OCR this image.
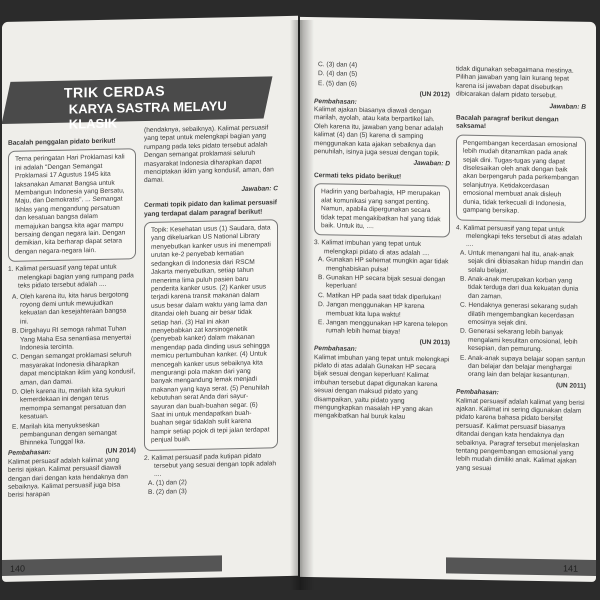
TRIK CERDAS
KARYA SASTRA MELAYU KLASIK

Bacalah penggalan pidato berikut!

Terna peringatan Hari Proklamasi kali ini adalah "Dengan Semangat Proklamasi 17 Agustus 1945 kita laksanakan Amanat Bangsa untuk Membangun Indonesia yang Bersatu, Maju, dan Demokratis". ... Semangat Ikhlas yang mengandung persatuan dan kesatuan bangsa dalam memajukan bangsa kita agar mampu bersaing dengan negara lain. Dengan demikian, kita berharap dapat setara dengan negara-negara lain.

1. Kalimat persuasif yang tepat untuk melengkapi bagian yang rumpang pada teks pidato tersebut adalah ....

A. Oleh karena itu, kita harus bergotong royong demi untuk mewujudkan kekuatan dan kesejahteraan bangsa ini.

B. Dirgahayu RI semoga rahmat Tuhan Yang Maha Esa senantiasa menyertai Indonesia tercinta.

C. Dengan semangat proklamasi seluruh masyarakat Indonesia diharapkan dapat menciptakan iklim yang kondusif, aman, dan damai.

D. Oleh karena itu, marilah kita syukuri kemerdekaan ini dengan terus memompa semangat persatuan dan kesatuan.

E. Marilah kita menyukseskan pembangunan dengan semangat Bhinneka Tunggal Ika.

Pembahasan:	(UN 2014)

Kalimat persuasif adalah kalimat yang berisi ajakan. Kalimat persuasif diawali dengan dari dengan kata hendaknya dan sebaiknya. Kalimat persuasif juga bisa berisi harapan

(hendaknya, sebaiknya). Kalimat persuasif yang tepat untuk melengkapi bagian yang rumpang pada teks pidato tersebut adalah Dengan semangat proklamasi seluruh masyarakat Indonesia diharapkan dapat menciptakan iklim yang kondusif, aman, dan damai.

Jawaban: C

Cermati topik pidato dan kalimat persuasif yang terdapat dalam paragraf berikut!

Topik: Kesehatan usus (1) Saudara, data yang dikeluarkan US National Library menyebutkan kanker usus ini menempati urutan ke-2 penyebab kematian sedangkan di Indonesia dari RSCM Jakarta menyebutkan, setiap tahun menerima lima puluh pasien baru penderita kanker usus. (2) Kanker usus terjadi karena transit makanan dalam usus besar dalam waktu yang lama dan ditandai oleh buang air besar tidak setiap hari. (3) Hal ini akan menyebabkan zat karsinogenetik (penyebab kanker) dalam makanan mengendap pada dinding usus sehingga memicu pertumbuhan kanker. (4) Untuk mencegah kanker usus sebaiknya kita mengurangi pola makan dari yang banyak mengandung lemak menjadi makanan yang kaya serat. (5) Penuhilah kebutuhan serat Anda dari sayur-sayuran dan buah-buahan segar. (6) Saat ini untuk mendapatkan buah-buahan segar tidaklah sulit karena hampir setiap pojok di tepi jalan terdapat penjual buah.

2. Kalimat persuasif pada kutipan pidato tersebut yang sesuai dengan topik adalah ....

A. (1) dan (2)

B. (2) dan (3)

140

C. (3) dan (4)

D. (4) dan (5)

E. (5) dan (6)

(UN 2012)

Pembahasan:

Kalimat ajakan biasanya diawali dengan marilah, ayolah, atau kata berpartikel lah. Oleh karena itu, jawaban yang benar adalah kalimat (4) dan (5) karena di samping menggunakan kata ajakan sebaiknya dan penuhilah, isinya juga sesuai dengan topik.

Jawaban: D

Cermati teks pidato berikut!

Hadirin yang berbahagia, HP merupakan alat komunikasi yang sangat penting. Namun, apabila dipergunakan secara tidak tepat mengakibatkan hal yang tidak baik. Untuk itu, ....

3. Kalimat imbuhan yang tepat untuk melengkapi pidato di atas adalah ....

A. Gunakan HP sehemat mungkin agar tidak menghabiskan pulsa!

B. Gunakan HP secara bijak sesuai dengan keperluan!

C. Matikan HP pada saat tidak diperlukan!

D. Jangan menggunakan HP karena membuat kita lupa waktu!

E. Jangan menggunakan HP karena telepon rumah lebih hemat biaya!

(UN 2013)

Pembahasan:

Kalimat imbuhan yang tepat untuk melengkapi pidato di atas adalah Gunakan HP secara bijak sesuai dengan keperluan! Kalimat imbuhan tersebut dapat digunakan karena sesuai dengan maksud pidato yang disampaikan, yaitu pidato yang mengungkapkan masalah HP yang akan mengakibatkan hal buruk kalau

tidak digunakan sebagaimana mestinya. Pilihan jawaban yang lain kurang tepat karena isi jawaban dapat disebutkan dibicarakan dalam pidato tersebut.

Jawaban: B

Bacalah paragraf berikut dengan saksama!

Pengembangan kecerdasan emosional lebih mudah ditanamkan pada anak sejak dini. Tugas-tugas yang dapat diselesaikan oleh anak dengan baik akan berpengaruh pada perkembangan selanjutnya. Ketidakcerdasan emosional membuat anak disleuh dunia, tidak terkecuali di Indonesia, gampang bersikap.

4. Kalimat persuasif yang tepat untuk melengkapi teks tersebut di atas adalah ....

A. Untuk menangani hal itu, anak-anak sejak dini dibiasakan hidup mandiri dan selalu belajar.

B. Anak-anak merupakan korban yang tidak terduga dari dua kekuatan dunia dan zaman.

C. Hendaknya generasi sekarang sudah dilatih mengembangkan kecerdasan emosinya sejak dini.

D. Generasi sekarang lebih banyak mengalami kesulitan emosional, lebih kesepian, dan pemurung.

E. Anak-anak supaya belajar sopan santun dan belajar dan belajar menghargai orang lain dan belajar kesantunan.

(UN 2011)

Pembahasan:

Kalimat persuasif adalah kalimat yang berisi ajakan. Kalimat ini sering digunakan dalam pidato karena bahasa pidato bersifat persuasif. Kalimat persuasif biasanya ditandai dengan kata hendaknya dan sebaiknya. Paragraf tersebut menjelaskan tentang pengembangan emosional yang lebih mudah dimiliki anak. Kalimat ajakan yang sesuai

141
